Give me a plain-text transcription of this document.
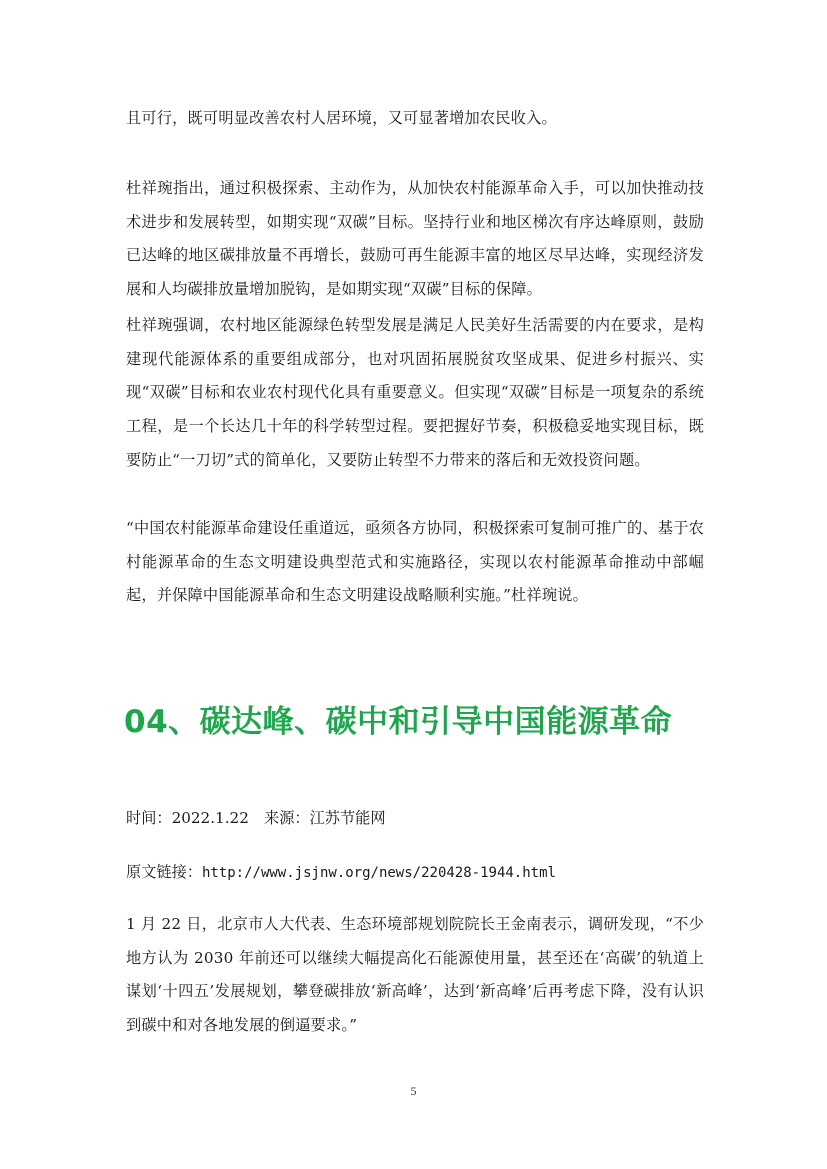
且可行，既可明显改善农村人居环境，又可显著增加农民收入。

杜祥琬指出，通过积极探索、主动作为，从加快农村能源革命入手，可以加快推动技术进步和发展转型，如期实现“双碳”目标。坚持行业和地区梯次有序达峰原则，鼓励已达峰的地区碳排放量不再增长，鼓励可再生能源丰富的地区尽早达峰，实现经济发展和人均碳排放量增加脱钩，是如期实现“双碳”目标的保障。

杜祥琬强调，农村地区能源绿色转型发展是满足人民美好生活需要的内在要求，是构建现代能源体系的重要组成部分，也对巩固拓展脱贫攻坚成果、促进乡村振兴、实现“双碳”目标和农业农村现代化具有重要意义。但实现“双碳”目标是一项复杂的系统工程，是一个长达几十年的科学转型过程。要把握好节奏，积极稳妥地实现目标，既要防止“一刀切”式的简单化，又要防止转型不力带来的落后和无效投资问题。

“中国农村能源革命建设任重道远，亟须各方协同，积极探索可复制可推广的、基于农村能源革命的生态文明建设典型范式和实施路径，实现以农村能源革命推动中部崛起，并保障中国能源革命和生态文明建设战略顺利实施。”杜祥琬说。

04、碳达峰、碳中和引导中国能源革命

时间：2022.1.22　来源：江苏节能网

原文链接：http://www.jsjnw.org/news/220428-1944.html

1 月 22 日，北京市人大代表、生态环境部规划院院长王金南表示，调研发现，“不少地方认为 2030 年前还可以继续大幅提高化石能源使用量，甚至还在‘高碳’的轨道上谋划‘十四五’发展规划，攀登碳排放‘新高峰’，达到‘新高峰’后再考虑下降，没有认识到碳中和对各地发展的倒逼要求。”

5
